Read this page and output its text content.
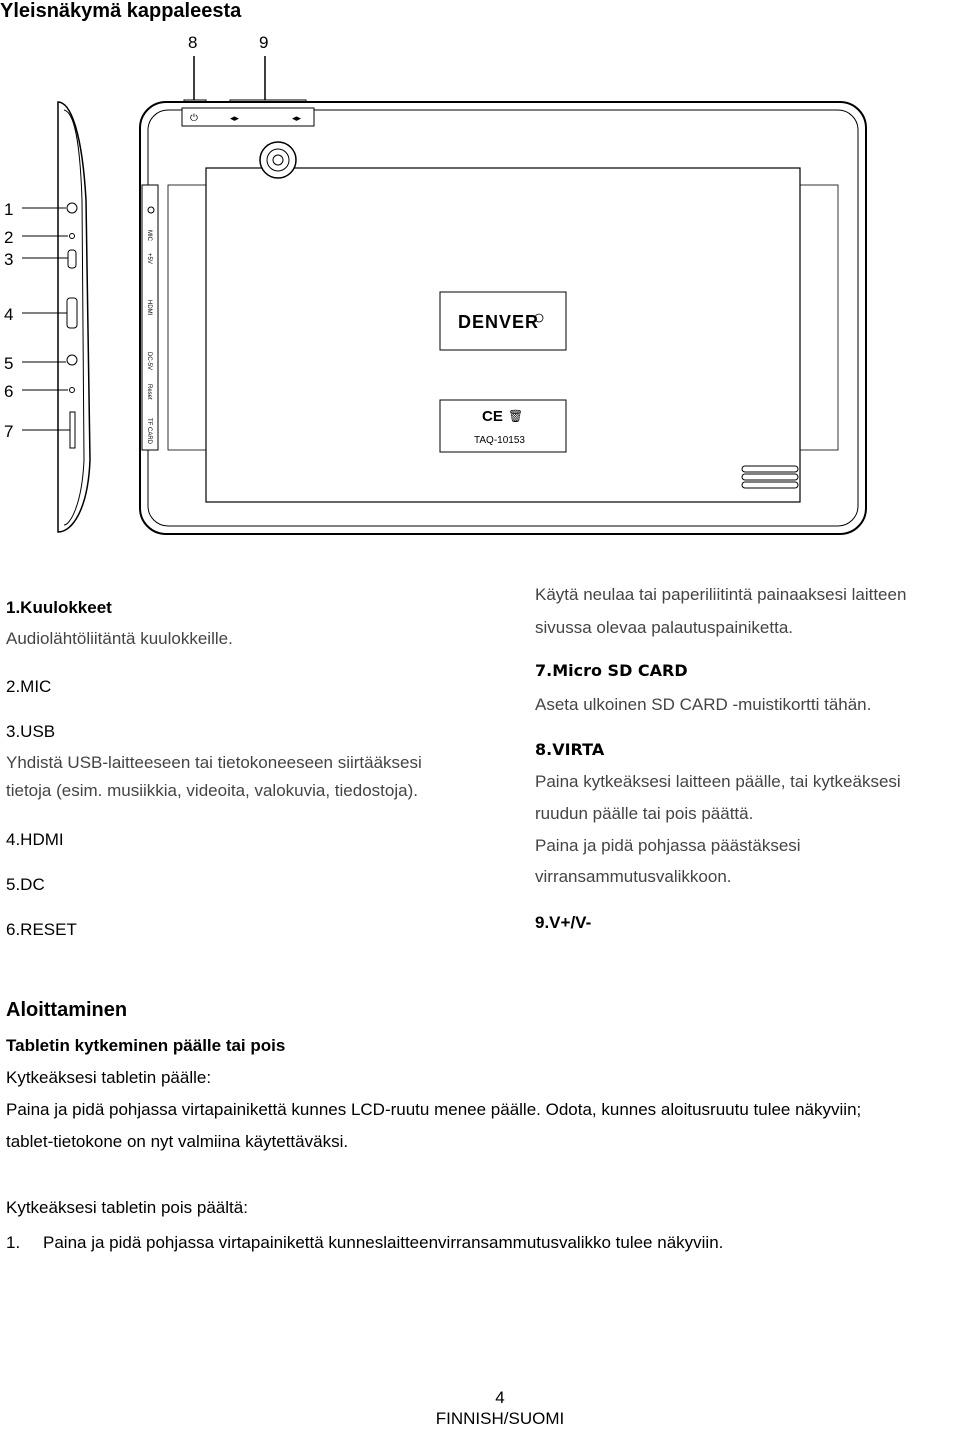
Yleisnäkymä kappaleesta
8	9
1
2
3
4
5
6
7
MIC
+5V
HDMI
DC-5V
Reset
TF CARD
⏻	◂▸	◂▸
DENVER
CE 🗑
TAQ-10153
1.Kuulokkeet
Audiolähtöliitäntä kuulokkeille.
2.MIC
3.USB
Yhdistä USB-laitteeseen tai tietokoneeseen siirtääksesi
tietoja (esim. musiikkia, videoita, valokuvia, tiedostoja).
4.HDMI
5.DC
6.RESET
Käytä neulaa tai paperiliitintä painaaksesi laitteen
sivussa olevaa palautuspainiketta.
7.Micro SD CARD
Aseta ulkoinen SD CARD -muistikortti tähän.
8.VIRTA
Paina kytkeäksesi laitteen päälle, tai kytkeäksesi
ruudun päälle tai pois päättä.
Paina ja pidä pohjassa päästäksesi
virransammutusvalikkoon.
9.V+/V-
Aloittaminen
Tabletin kytkeminen päälle tai pois
Kytkeäksesi tabletin päälle:
Paina ja pidä pohjassa virtapainikettä kunnes LCD-ruutu menee päälle. Odota, kunnes aloitusruutu tulee näkyviin;
tablet-tietokone on nyt valmiina käytettäväksi.
Kytkeäksesi tabletin pois päältä:
1. Paina ja pidä pohjassa virtapainikettä kunneslaitteenvirransammutusvalikko tulee näkyviin.
4
FINNISH/SUOMI
